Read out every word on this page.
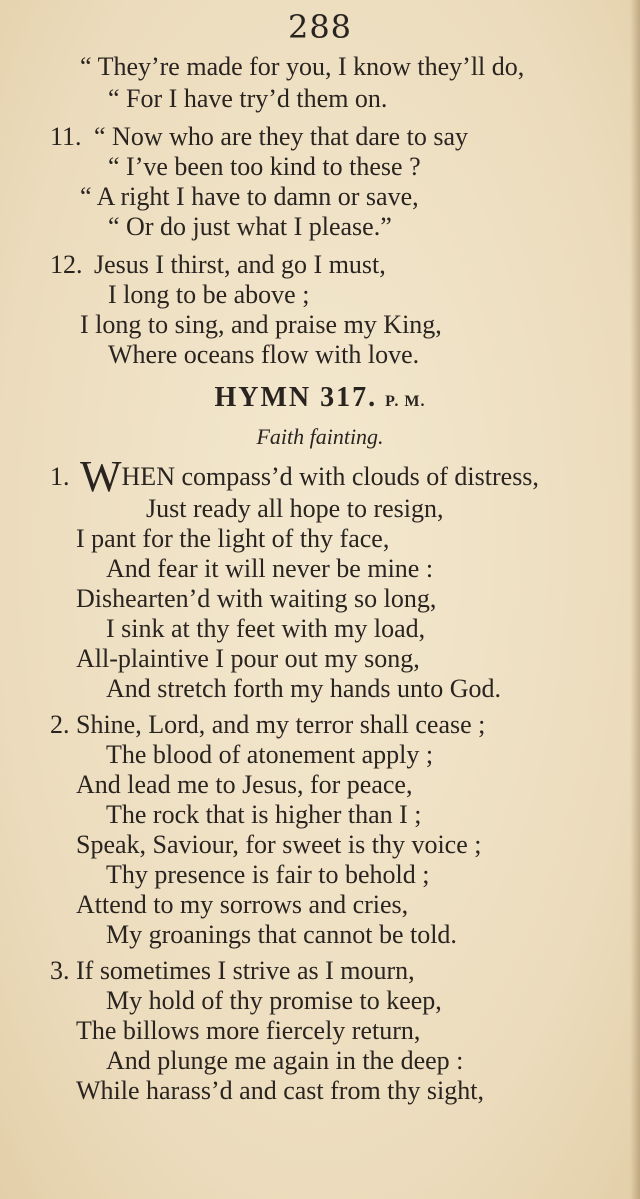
288
“ They’re made for you, I know they’ll do,
“ For I have try’d them on.
11. “ Now who are they that dare to say
“ I’ve been too kind to these ?
“ A right I have to damn or save,
“ Or do just what I please.”
12. Jesus I thirst, and go I must,
I long to be above ;
I long to sing, and praise my King,
Where oceans flow with love.
HYMN 317. P. M.
Faith fainting.
1. WHEN compass’d with clouds of distress,
Just ready all hope to resign,
I pant for the light of thy face,
And fear it will never be mine :
Dishearten’d with waiting so long,
I sink at thy feet with my load,
All-plaintive I pour out my song,
And stretch forth my hands unto God.
2. Shine, Lord, and my terror shall cease ;
The blood of atonement apply ;
And lead me to Jesus, for peace,
The rock that is higher than I ;
Speak, Saviour, for sweet is thy voice ;
Thy presence is fair to behold ;
Attend to my sorrows and cries,
My groanings that cannot be told.
3. If sometimes I strive as I mourn,
My hold of thy promise to keep,
The billows more fiercely return,
And plunge me again in the deep :
While harass’d and cast from thy sight,
